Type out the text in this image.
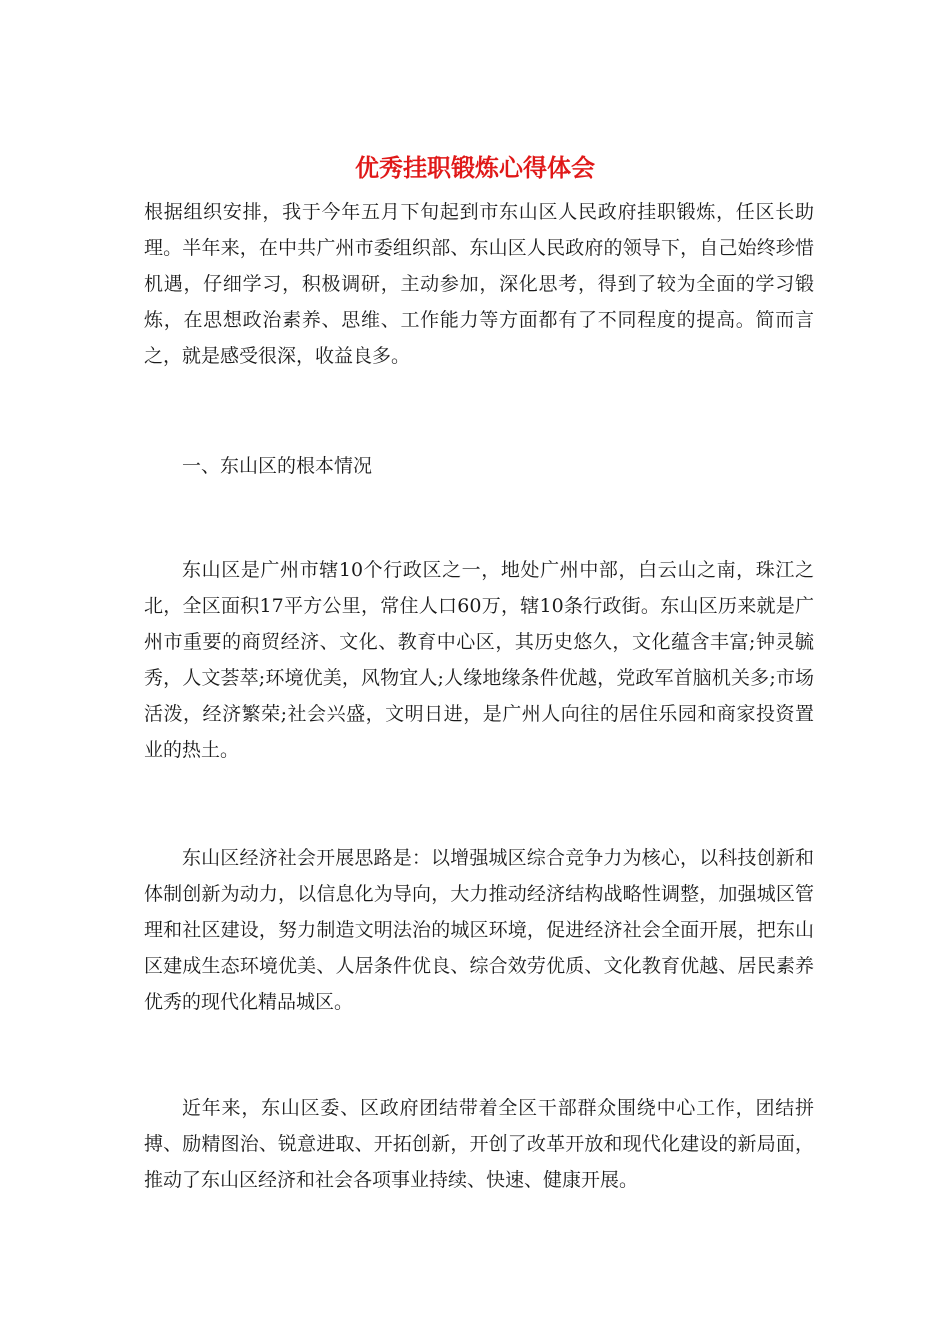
优秀挂职锻炼心得体会

根据组织安排，我于今年五月下旬起到市东山区人民政府挂职锻炼，任区长助理。半年来，在中共广州市委组织部、东山区人民政府的领导下，自己始终珍惜机遇，仔细学习，积极调研，主动参加，深化思考，得到了较为全面的学习锻炼，在思想政治素养、思维、工作能力等方面都有了不同程度的提高。简而言之，就是感受很深，收益良多。

一、东山区的根本情况

东山区是广州市辖10个行政区之一，地处广州中部，白云山之南，珠江之北，全区面积17平方公里，常住人口60万，辖10条行政街。东山区历来就是广州市重要的商贸经济、文化、教育中心区，其历史悠久，文化蕴含丰富;钟灵毓秀，人文荟萃;环境优美，风物宜人;人缘地缘条件优越，党政军首脑机关多;市场活泼，经济繁荣;社会兴盛，文明日进，是广州人向往的居住乐园和商家投资置业的热土。

东山区经济社会开展思路是：以增强城区综合竞争力为核心，以科技创新和体制创新为动力，以信息化为导向，大力推动经济结构战略性调整，加强城区管理和社区建设，努力制造文明法治的城区环境，促进经济社会全面开展，把东山区建成生态环境优美、人居条件优良、综合效劳优质、文化教育优越、居民素养优秀的现代化精品城区。

近年来，东山区委、区政府团结带着全区干部群众围绕中心工作，团结拼搏、励精图治、锐意进取、开拓创新，开创了改革开放和现代化建设的新局面，推动了东山区经济和社会各项事业持续、快速、健康开展。
